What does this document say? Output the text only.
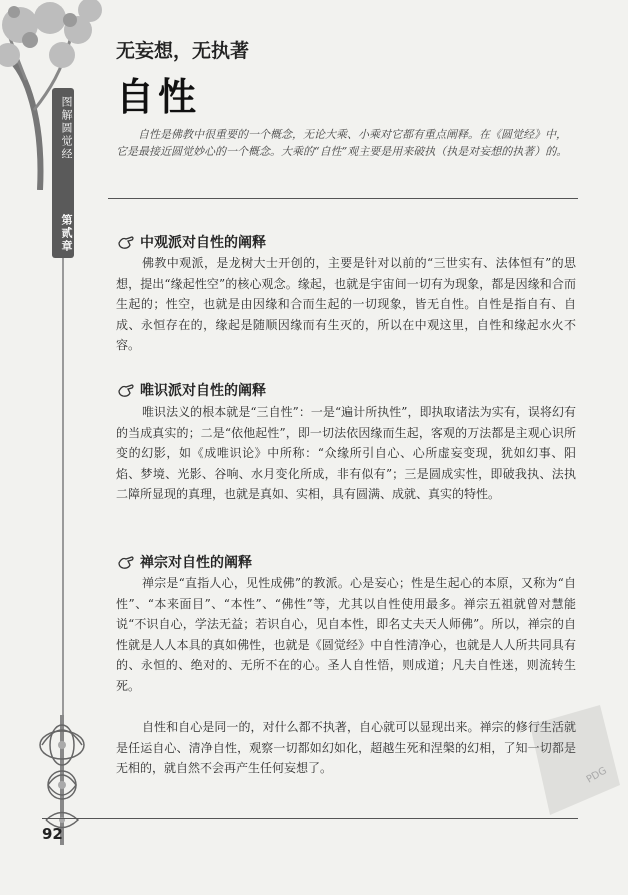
图解圆觉经
第贰章
无妄想，无执著
自性
自性是佛教中很重要的一个概念，无论大乘、小乘对它都有重点阐释。在《圆觉经》中，它是最接近圆觉妙心的一个概念。大乘的“自性”观主要是用来破执（执是对妄想的执著）的。
中观派对自性的阐释
佛教中观派，是龙树大士开创的，主要是针对以前的“三世实有、法体恒有”的思想，提出“缘起性空”的核心观念。缘起，也就是宇宙间一切有为现象，都是因缘和合而生起的；性空，也就是由因缘和合而生起的一切现象，皆无自性。自性是指自有、自成、永恒存在的，缘起是随顺因缘而有生灭的，所以在中观这里，自性和缘起水火不容。
唯识派对自性的阐释
唯识法义的根本就是“三自性”：一是“遍计所执性”，即执取诸法为实有，误将幻有的当成真实的；二是“依他起性”，即一切法依因缘而生起，客观的万法都是主观心识所变的幻影，如《成唯识论》中所称：“众缘所引自心、心所虚妄变现，犹如幻事、阳焰、梦境、光影、谷响、水月变化所成，非有似有”；三是圆成实性，即破我执、法执二障所显现的真理，也就是真如、实相，具有圆满、成就、真实的特性。
禅宗对自性的阐释
禅宗是“直指人心，见性成佛”的教派。心是妄心；性是生起心的本原，又称为“自性”、“本来面目”、“本性”、“佛性”等，尤其以自性使用最多。禅宗五祖就曾对慧能说“不识自心，学法无益；若识自心，见自本性，即名丈夫天人师佛”。所以，禅宗的自性就是人人本具的真如佛性，也就是《圆觉经》中自性清净心，也就是人人所共同具有的、永恒的、绝对的、无所不在的心。圣人自性悟，则成道；凡夫自性迷，则流转生死。
自性和自心是同一的，对什么都不执著，自心就可以显现出来。禅宗的修行生活就是任运自心、清净自性，观察一切都如幻如化，超越生死和涅槃的幻相，了知一切都是无相的，就自然不会再产生任何妄想了。	PDG
92
